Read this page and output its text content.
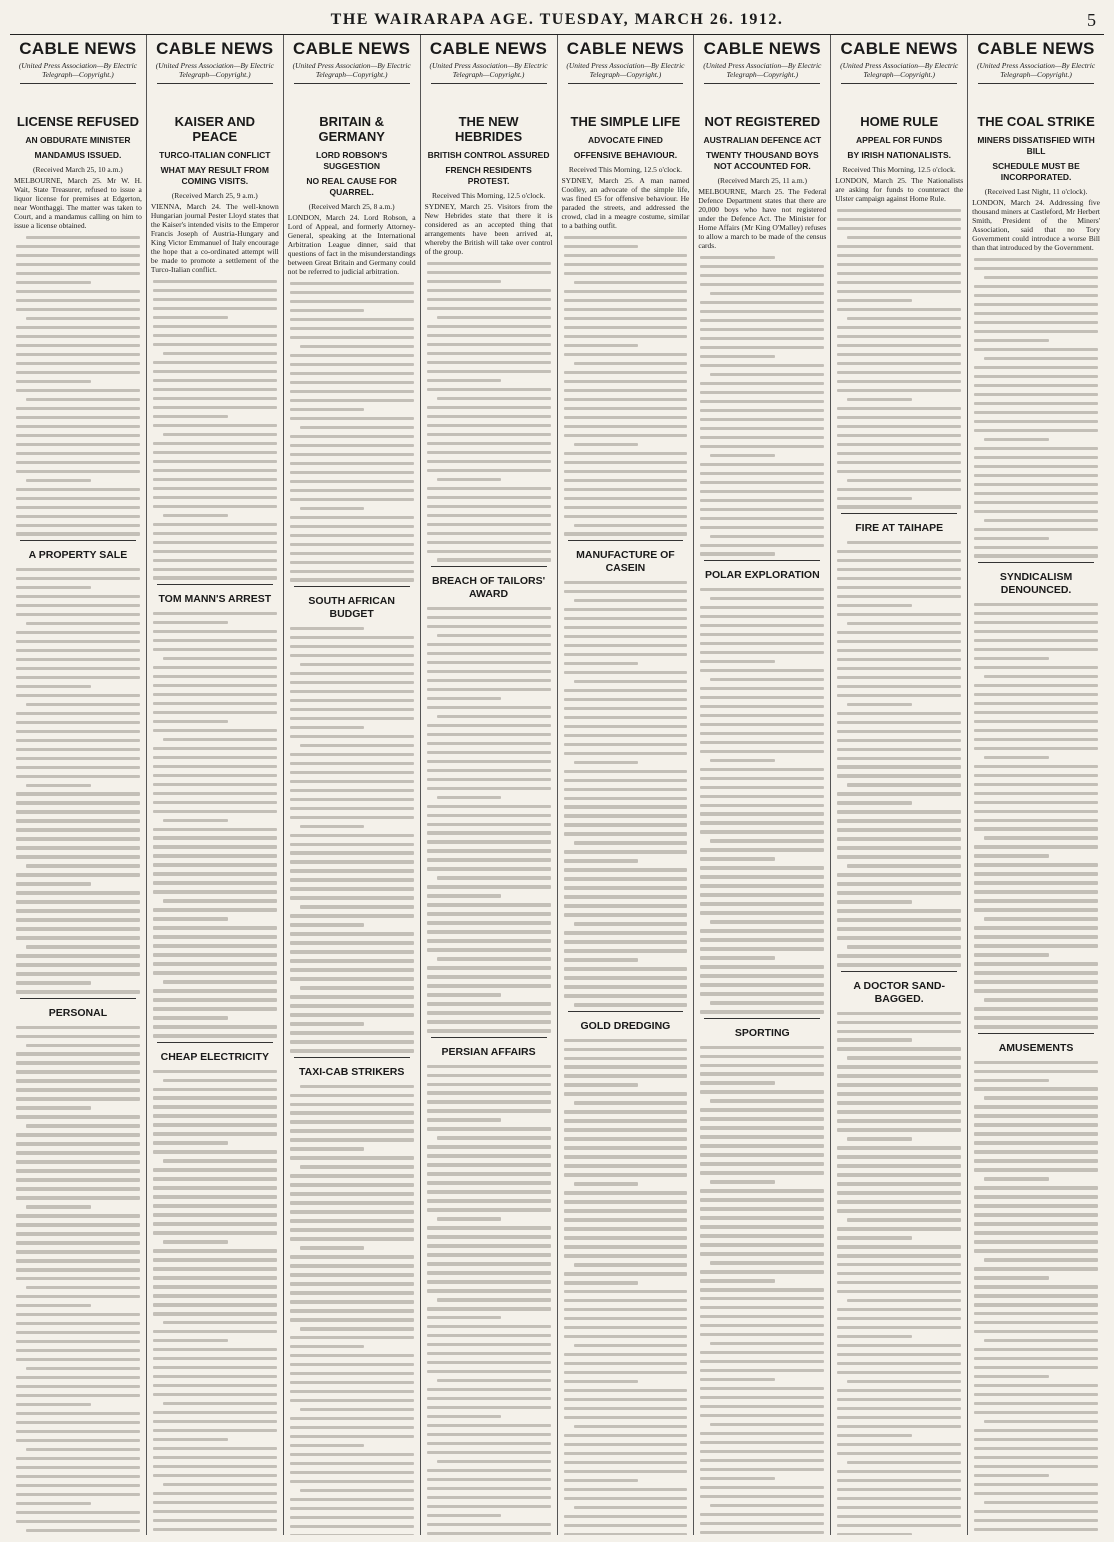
THE WAIRARAPA AGE. TUESDAY, MARCH 26. 1912.	5
CABLE NEWS
(United Press Association—By Electric Telegraph—Copyright.)
LICENSE REFUSED
AN OBDURATE MINISTER
MANDAMUS ISSUED.
(Received March 25, 10 a.m.)
MELBOURNE, March 25. Mr W. H. Wait, State Treasurer, refused to issue a liquor license for premises at Edgerton, near Wonthaggi. The matter was taken to Court, and a mandamus calling on him to issue a license obtained.
A PROPERTY SALE
PERSONAL
CABLE NEWS
(United Press Association—By Electric Telegraph—Copyright.)
KAISER AND PEACE
TURCO-ITALIAN CONFLICT
WHAT MAY RESULT FROM COMING VISITS.
(Received March 25, 9 a.m.)
VIENNA, March 24. The well-known Hungarian journal Pester Lloyd states that the Kaiser's intended visits to the Emperor Francis Joseph of Austria-Hungary and King Victor Emmanuel of Italy encourage the hope that a co-ordinated attempt will be made to promote a settlement of the Turco-Italian conflict.
TOM MANN'S ARREST
CHEAP ELECTRICITY
CABLE NEWS
(United Press Association—By Electric Telegraph—Copyright.)
BRITAIN & GERMANY
LORD ROBSON'S SUGGESTION
NO REAL CAUSE FOR QUARREL.
(Received March 25, 8 a.m.)
LONDON, March 24. Lord Robson, a Lord of Appeal, and formerly Attorney-General, speaking at the International Arbitration League dinner, said that questions of fact in the misunderstandings between Great Britain and Germany could not be referred to judicial arbitration.
SOUTH AFRICAN BUDGET
TAXI-CAB STRIKERS
CABLE NEWS
(United Press Association—By Electric Telegraph—Copyright.)
THE NEW HEBRIDES
BRITISH CONTROL ASSURED
FRENCH RESIDENTS PROTEST.
Received This Morning, 12.5 o'clock.
SYDNEY, March 25. Visitors from the New Hebrides state that there it is considered as an accepted thing that arrangements have been arrived at, whereby the British will take over control of the group.
BREACH OF TAILORS' AWARD
PERSIAN AFFAIRS
CABLE NEWS
(United Press Association—By Electric Telegraph—Copyright.)
THE SIMPLE LIFE
ADVOCATE FINED
OFFENSIVE BEHAVIOUR.
Received This Morning, 12.5 o'clock.
SYDNEY, March 25. A man named Coolley, an advocate of the simple life, was fined £5 for offensive behaviour. He paraded the streets, and addressed the crowd, clad in a meagre costume, similar to a bathing outfit.
MANUFACTURE OF CASEIN
GOLD DREDGING
CABLE NEWS
(United Press Association—By Electric Telegraph—Copyright.)
NOT REGISTERED
AUSTRALIAN DEFENCE ACT
TWENTY THOUSAND BOYS NOT ACCOUNTED FOR.
(Received March 25, 11 a.m.)
MELBOURNE, March 25. The Federal Defence Department states that there are 20,000 boys who have not registered under the Defence Act. The Minister for Home Affairs (Mr King O'Malley) refuses to allow a march to be made of the census cards.
POLAR EXPLORATION
SPORTING
CABLE NEWS
(United Press Association—By Electric Telegraph—Copyright.)
HOME RULE
APPEAL FOR FUNDS
BY IRISH NATIONALISTS.
Received This Morning, 12.5 o'clock.
LONDON, March 25. The Nationalists are asking for funds to counteract the Ulster campaign against Home Rule.
FIRE AT TAIHAPE
A DOCTOR SAND-BAGGED.
CABLE NEWS
(United Press Association—By Electric Telegraph—Copyright.)
THE COAL STRIKE
MINERS DISSATISFIED WITH BILL
SCHEDULE MUST BE INCORPORATED.
(Received Last Night, 11 o'clock).
LONDON, March 24. Addressing five thousand miners at Castleford, Mr Herbert Smith, President of the Miners' Association, said that no Tory Government could introduce a worse Bill than that introduced by the Government.
SYNDICALISM DENOUNCED.
AMUSEMENTS
